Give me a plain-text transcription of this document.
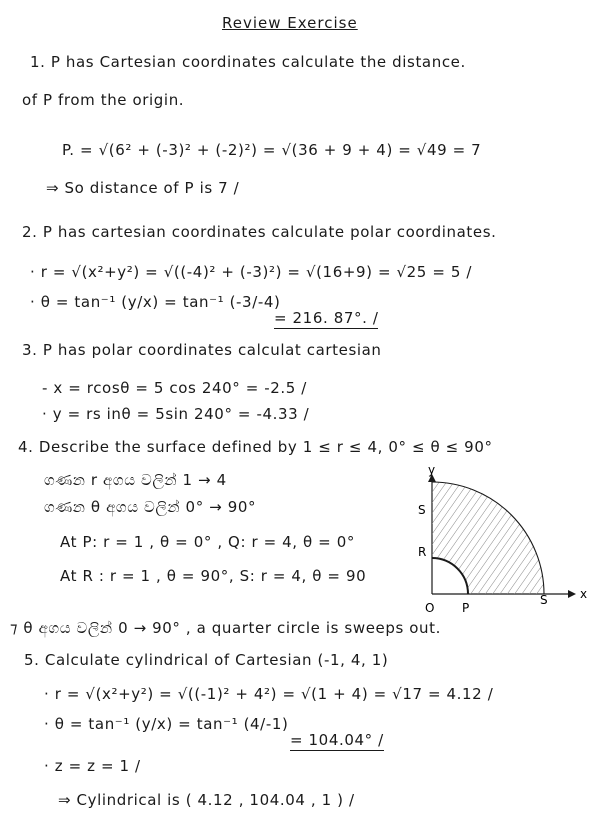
Review Exercise
1. P has Cartesian coordinates calculate the distance.
of P from the origin.
P. = √(6² + (-3)² + (-2)²) = √(36 + 9 + 4) = √49 = 7
⇒ So distance of P is 7 /
2. P has cartesian coordinates calculate polar coordinates.
· r = √(x²+y²) = √((-4)² + (-3)²) = √(16+9) = √25 = 5 /
· θ = tan⁻¹ (y/x) = tan⁻¹ (-3/-4)
= 216. 87°. /
3. P has polar coordinates calculat cartesian
- x = rcosθ = 5 cos 240° = -2.5 /
· y = rs inθ = 5sin 240° = -4.33 /
4. Describe the surface defined by 1 ≤ r ≤ 4, 0° ≤ θ ≤ 90°
ගණන r අගය වලින් 1 → 4
ගණන θ අගය වලින් 0° → 90°
At P: r = 1 , θ = 0° , Q: r = 4, θ = 0°
At R : r = 1 , θ = 90°, S: r = 4, θ = 90
y
x
O P
S
R
S
⁊ θ අගය වලින් 0 → 90° , a quarter circle is sweeps out.
5. Calculate cylindrical of Cartesian (-1, 4, 1)
· r = √(x²+y²) = √((-1)² + 4²) = √(1 + 4) = √17 = 4.12 /
· θ = tan⁻¹ (y/x) = tan⁻¹ (4/-1)
= 104.04° /
· z = z = 1 /
⇒ Cylindrical is ( 4.12 , 104.04 , 1 ) /
